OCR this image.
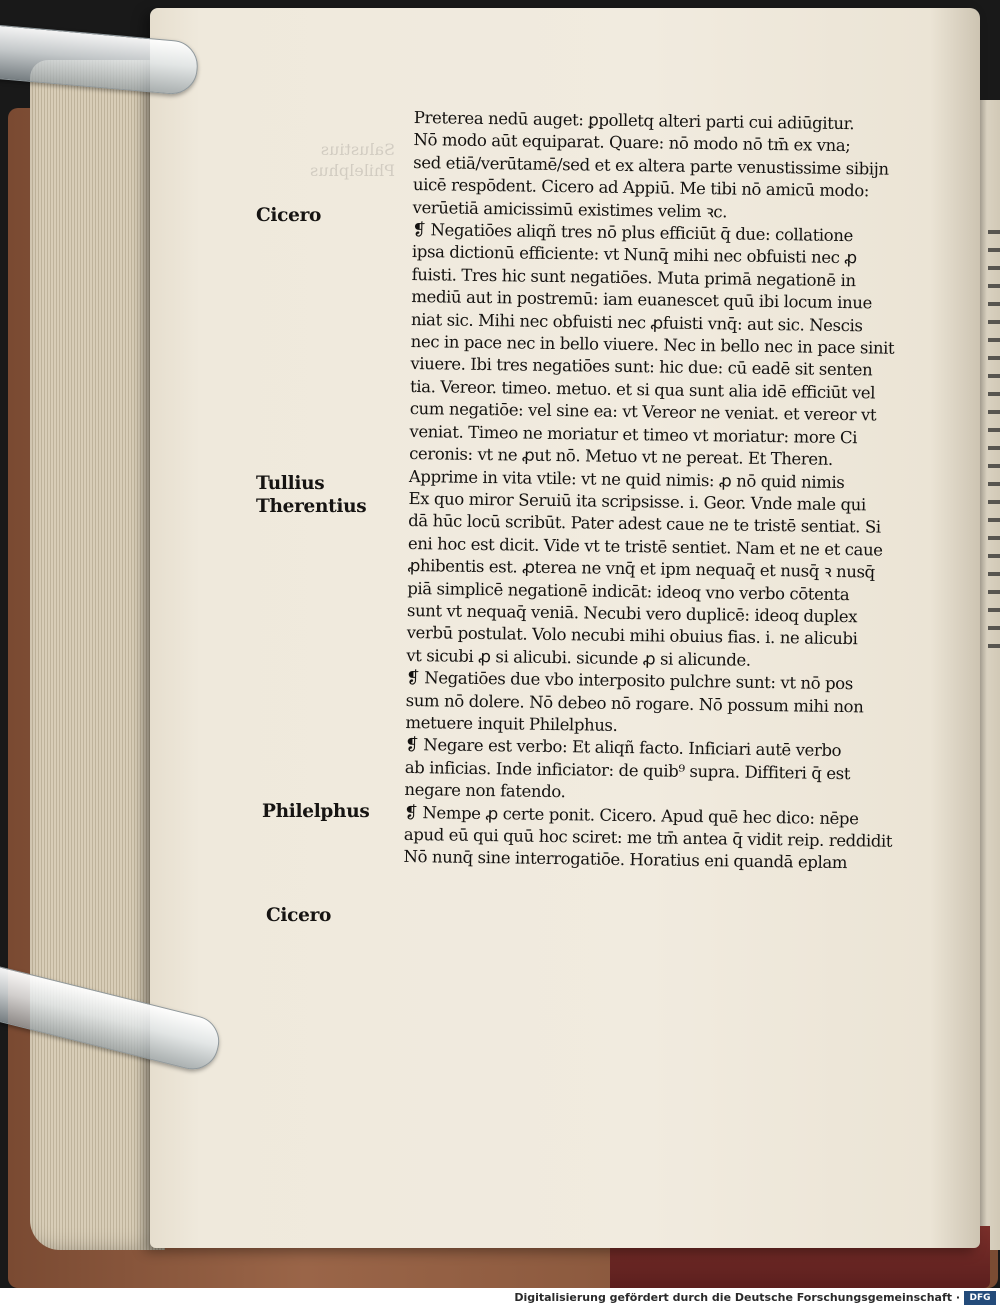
Salustius
Philelphus
Cicero
Tullius
Therentius
Philelphus
Cicero
Preterea nedū auget: ꝑpolletq alteri parti cui adiūgitur.
Nō modo aūt equiparat. Quare: nō modo nō tm̄ ex vna;
sed etiā/verūtamē/sed et ex altera parte venustissime sibijn
uicē respōdent. Cicero ad Appiū. Me tibi nō amicū modo:
verūetiā amicissimū existimes velim ꝛc.
❡ Negatiōes aliqñ tres nō plus efficiūt q̄ due: collatione
ipsa dictionū efficiente: vt Nunq̄ mihi nec obfuisti nec ꝓ
fuisti. Tres hic sunt negatiōes. Muta primā negationē in
mediū aut in postremū: iam euanescet quū ibi locum inue
niat sic. Mihi nec obfuisti nec ꝓfuisti vnq̄: aut sic. Nescis
nec in pace nec in bello viuere. Nec in bello nec in pace sinit
viuere. Ibi tres negatiōes sunt: hic due: cū eadē sit senten
tia. Vereor. timeo. metuo. et si qua sunt alia idē efficiūt vel
cum negatiōe: vel sine ea: vt Vereor ne veniat. et vereor vt
veniat. Timeo ne moriatur et timeo vt moriatur: more Ci
ceronis: vt ne ꝓut nō. Metuo vt ne pereat. Et Theren.
Apprime in vita vtile: vt ne quid nimis: ꝓ nō quid nimis
Ex quo miror Seruiū ita scripsisse. i. Geor. Vnde male qui
dā hūc locū scribūt. Pater adest caue ne te tristē sentiat. Si
eni hoc est dicit. Vide vt te tristē sentiet. Nam et ne et caue
ꝓhibentis est. ꝓterea ne vnq̄ et ipm nequaq̄ et nusq̄ ꝛ nusq̄
piā simplicē negationē indicāt: ideoq vno verbo cōtenta
sunt vt nequaq̄ veniā. Necubi vero duplicē: ideoq duplex
verbū postulat. Volo necubi mihi obuius fias. i. ne alicubi
vt sicubi ꝓ si alicubi. sicunde ꝓ si alicunde.
❡ Negatiōes due vbo interposito pulchre sunt: vt nō pos
sum nō dolere. Nō debeo nō rogare. Nō possum mihi non
metuere inquit Philelphus.
❡ Negare est verbo: Et aliqñ facto. Inficiari autē verbo
ab inficias. Inde inficiator: de quib⁹ supra. Diffiteri q̄ est
negare non fatendo.
❡ Nempe ꝓ certe ponit. Cicero. Apud quē hec dico: nēpe
apud eū qui quū hoc sciret: me tm̄ antea q̄ vidit reip. reddidit
Nō nunq̄ sine interrogatiōe. Horatius eni quandā eplam
Digitalisierung gefördert durch die Deutsche Forschungsgemeinschaft ·	DFG
